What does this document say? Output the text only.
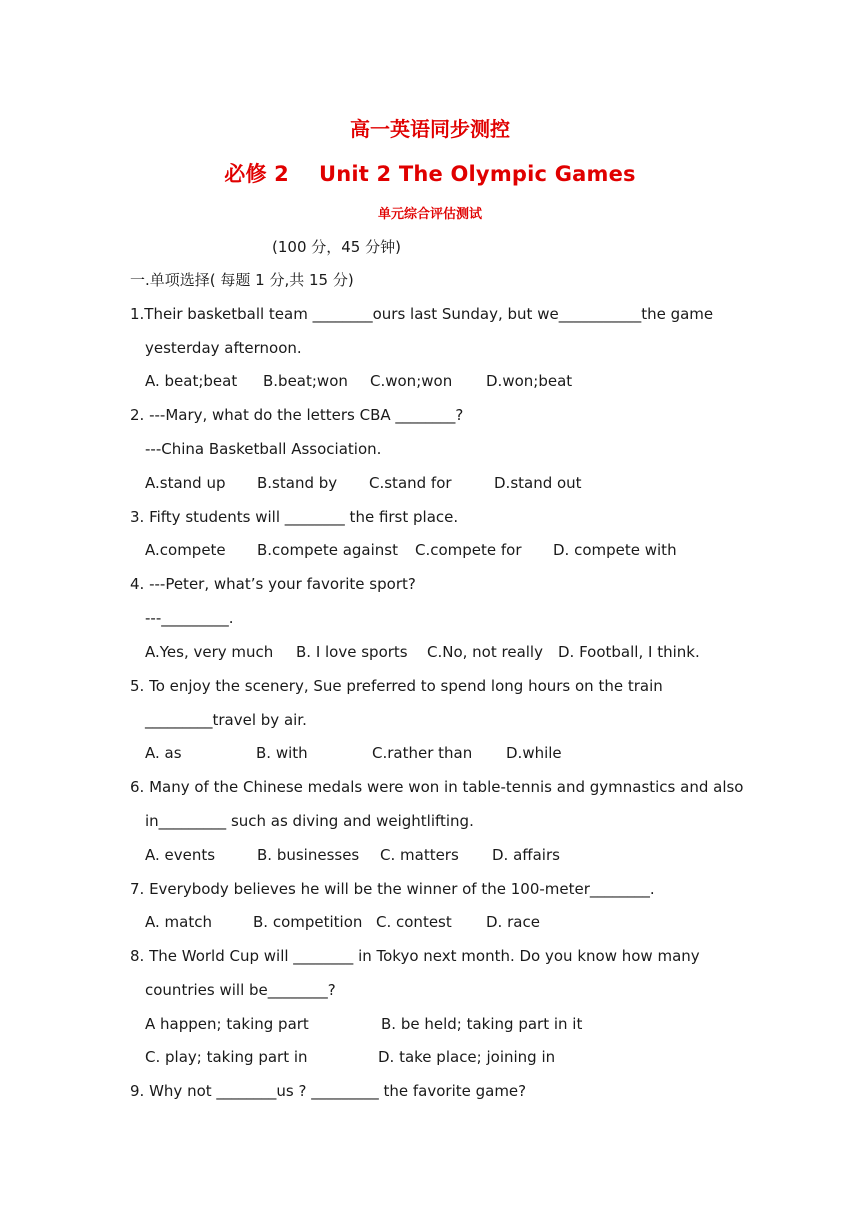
高一英语同步测控
必修 2 Unit 2 The Olympic Games
单元综合评估测试
(100 分，45 分钟)
一.单项选择( 每题 1 分,共 15 分)
1.Their basketball team ________ours last Sunday, but we___________the game
yesterday afternoon.
A. beat;beat B.beat;won C.won;won D.won;beat
2. ---Mary, what do the letters CBA ________?
---China Basketball Association.
A.stand up B.stand by C.stand for	D.stand out
3. Fifty students will ________ the first place.
A.compete B.compete against C.compete for D. compete with
4. ---Peter, what’s your favorite sport?
---_________.
A.Yes, very much B. I love sports C.No, not really D. Football, I think.
5. To enjoy the scenery, Sue preferred to spend long hours on the train
_________travel by air.
A. as	B. with	C.rather than D.while
6. Many of the Chinese medals were won in table-tennis and gymnastics and also
in_________ such as diving and weightlifting.
A. events	B. businesses C. matters D. affairs
7. Everybody believes he will be the winner of the 100-meter________.
A. match	B. competition C. contest D. race
8. The World Cup will ________ in Tokyo next month. Do you know how many
countries will be________?
A happen; taking part	B. be held; taking part in it
C. play; taking part in	D. take place; joining in
9. Why not ________us ? _________ the favorite game?
